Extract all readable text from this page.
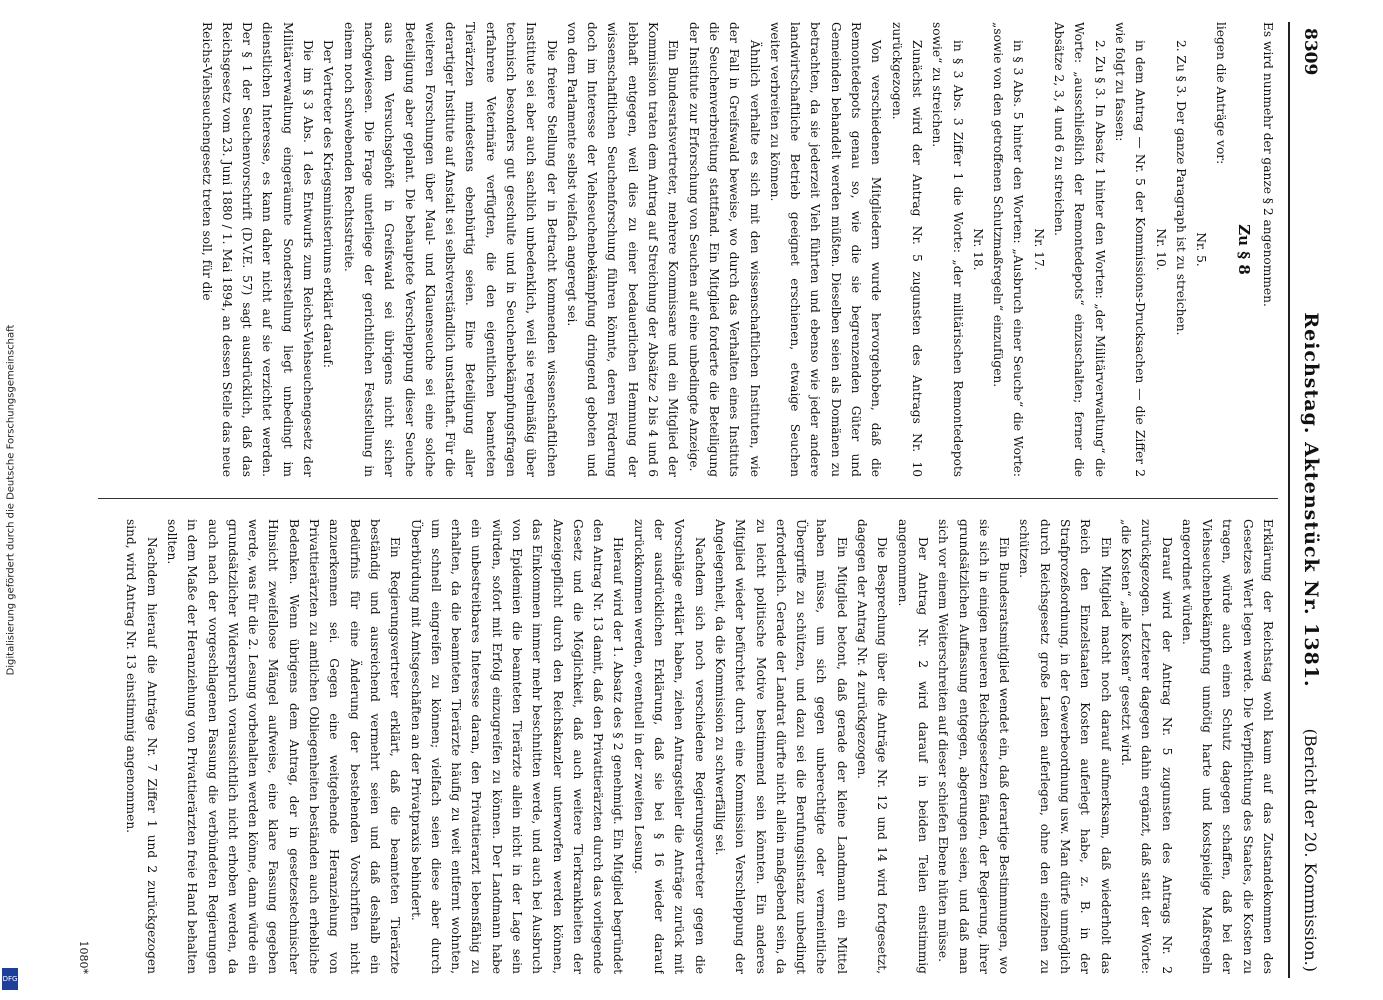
Digitalisierung gefördert durch die Deutsche Forschungsgemeinschaft
DFG
8309
Reichstag. Aktenstück Nr. 1381.
(Bericht der 20. Kommission.)

Es wird nunmehr der ganze § 2 angenommen.

Zu § 8

liegen die Anträge vor:

Nr. 5.

2. Zu § 3. Der ganze Paragraph ist zu streichen.

Nr. 10.

in dem Antrag — Nr. 5 der Kommissions-Drucksachen — die Ziffer 2 wie folgt zu fassen:

2. Zu § 3. In Absatz 1 hinter den Worten: „der Militärverwaltung“ die Worte: „ausschließlich der Remontedepots“ einzuschalten; ferner die Absätze 2, 3, 4 und 6 zu streichen.

Nr. 17.

in § 3 Abs. 5 hinter den Worten: „Ausbruch einer Seuche“ die Worte: „sowie von den getroffenen Schutzmaßregeln“ einzufügen.

Nr. 18.

in § 3 Abs. 3 Ziffer 1 die Worte: „der militärischen Remontedepots sowie“ zu streichen.

Zunächst wird der Antrag Nr. 5 zugunsten des Antrags Nr. 10 zurückgezogen.

Von verschiedenen Mitgliedern wurde hervorgehoben, daß die Remontedepots genau so, wie die sie begrenzenden Güter und Gemeinden behandelt werden müßten. Dieselben seien als Domänen zu betrachten, da sie jederzeit Vieh führten und ebenso wie jeder andere landwirtschaftliche Betrieb geeignet erschienen, etwaige Seuchen weiter verbreiten zu können.

Ähnlich verhalte es sich mit den wissenschaftlichen Instituten, wie der Fall in Greifswald beweise, wo durch das Verhalten eines Instituts die Seuchenverbreitung stattfand. Ein Mitglied forderte die Beteiligung der Institute zur Erforschung von Seuchen auf eine unbedingte Anzeige.

Ein Bundesratsvertreter, mehrere Kommissare und ein Mitglied der Kommission traten dem Antrag auf Streichung der Absätze 2 bis 4 und 6 lebhaft entgegen, weil dies zu einer bedauerlichen Hemmung der wissenschaftlichen Seuchenforschung führen könnte, deren Förderung doch im Interesse der Viehseuchenbekämpfung dringend geboten und von dem Parlamente selbst vielfach angeregt sei.

Die freiere Stellung der in Betracht kommenden wissenschaftlichen Institute sei aber auch sachlich unbedenklich, weil sie regelmäßig über technisch besonders gut geschulte und in Seuchenbekämpfungsfragen erfahrene Veterinäre verfügten, die den eigentlichen beamteten Tierärzten mindestens ebenbürtig seien. Eine Beteiligung aller derartiger Institute auf Anstalt sei selbstverständlich unstatthaft. Für die weiteren Forschungen über Maul- und Klauenseuche sei eine solche Beteiligung aber geplant. Die behauptete Verschleppung dieser Seuche aus dem Versuchsgehöft in Greifswald sei übrigens nicht sicher nachgewiesen. Die Frage unterliege der gerichtlichen Feststellung in einem noch schwebenden Rechtsstreite.

Der Vertreter des Kriegsministeriums erklärt darauf:

Die im § 3 Abs. 1 des Entwurfs zum Reichs-Viehseuchengesetz der Militärverwaltung eingeräumte Sonderstellung liegt unbedingt im dienstlichen Interesse, es kann daher nicht auf sie verzichtet werden. Der § 1 der Seuchenvorschrift (D.V.E. 57) sagt ausdrücklich, daß das Reichsgesetz vom 23. Juni 1880 / 1. Mai 1894, an dessen Stelle das neue Reichs-Viehseuchengesetz treten soll, für die

Erklärung der Reichstag wohl kaum auf das Zustandekommen des Gesetzes Wert legen werde. Die Verpflichtung des Staates, die Kosten zu tragen, würde auch einen Schutz dagegen schaffen, daß bei der Viehseuchenbekämpfung unnötig harte und kostspielige Maßregeln angeordnet würden.

Darauf wird der Antrag Nr. 5 zugunsten des Antrags Nr. 2 zurückgezogen. Letzterer dagegen dahin ergänzt, daß statt der Worte: „die Kosten“ „alle Kosten“ gesetzt wird.

Ein Mitglied macht noch darauf aufmerksam, daß wiederholt das Reich den Einzelstaaten Kosten auferlegt habe, z. B. in der Strafprozeßordnung, in der Gewerbeordnung usw. Man dürfe unmöglich durch Reichsgesetz große Lasten auferlegen, ohne den einzelnen zu schützen.

Ein Bundesratsmitglied wendet ein, daß derartige Bestimmungen, wo sie sich in einigen neueren Reichsgesetzen fänden, der Regierung, ihrer grundsätzlichen Auffassung entgegen, abgerungen seien, und daß man sich vor einem Weiterschreiten auf dieser schiefen Ebene hüten müsse.

Der Antrag Nr. 2 wird darauf in beiden Teilen einstimmig angenommen.

Die Besprechung über die Anträge Nr. 12 und 14 wird fortgesetzt, dagegen der Antrag Nr. 4 zurückgezogen.

Ein Mitglied betont, daß gerade der kleine Landmann ein Mittel haben müsse, um sich gegen unberechtigte oder vermeintliche Übergriffe zu schützen, und dazu sei die Berufungsinstanz unbedingt erforderlich. Gerade der Landrat dürfte nicht allein maßgebend sein, da zu leicht politische Motive bestimmend sein könnten. Ein anderes Mitglied wieder befürchtet durch eine Kommission Verschleppung der Angelegenheit, da die Kommission zu schwerfällig sei.

Nachdem sich noch verschiedene Regierungsvertreter gegen die Vorschläge erklärt haben, ziehen Antragsteller die Anträge zurück mit der ausdrücklichen Erklärung, daß sie bei § 16 wieder darauf zurückkommen werden, eventuell in der zweiten Lesung.

Hierauf wird der 1. Absatz des § 2 genehmigt. Ein Mitglied begründet den Antrag Nr. 13 damit, daß den Privattierärzten durch das vorliegende Gesetz und die Möglichkeit, daß auch weitere Tierkrankheiten der Anzeigepflicht durch den Reichskanzler unterworfen werden können, das Einkommen immer mehr beschnitten werde, und auch bei Ausbruch von Epidemien die beamteten Tierärzte allein nicht in der Lage sein würden, sofort mit Erfolg einzugreifen zu können. Der Landmann habe ein unbestreitbares Interesse daran, den Privattierarzt lebensfähig zu erhalten, da die beamteten Tierärzte häufig zu weit entfernt wohnten, um schnell eingreifen zu können; vielfach seien diese aber durch Überbürdung mit Amtsgeschäften an der Privatpraxis behindert.

Ein Regierungsvertreter erklärt, daß die beamteten Tierärzte beständig und ausreichend vermehrt seien und daß deshalb ein Bedürfnis für eine Änderung der bestehenden Vorschriften nicht anzuerkennen sei. Gegen eine weitgehende Heranziehung von Privattierärzten zu amtlichen Obliegenheiten beständen auch erhebliche Bedenken. Wenn übrigens dem Antrag, der in gesetzestechnischer Hinsicht zweifellose Mängel aufweise, eine klare Fassung gegeben werde, was für die 2. Lesung vorbehalten werden könne, dann würde ein grundsätzlicher Widerspruch voraussichtlich nicht erhoben werden, da auch nach der vorgeschlagenen Fassung die verbündeten Regierungen in dem Maße der Heranziehung von Privattierärzten freie Hand behalten sollten.

Nachdem hierauf die Anträge Nr. 7 Ziffer 1 und 2 zurückgezogen sind, wird Antrag Nr. 13 einstimmig angenommen.

1080*
